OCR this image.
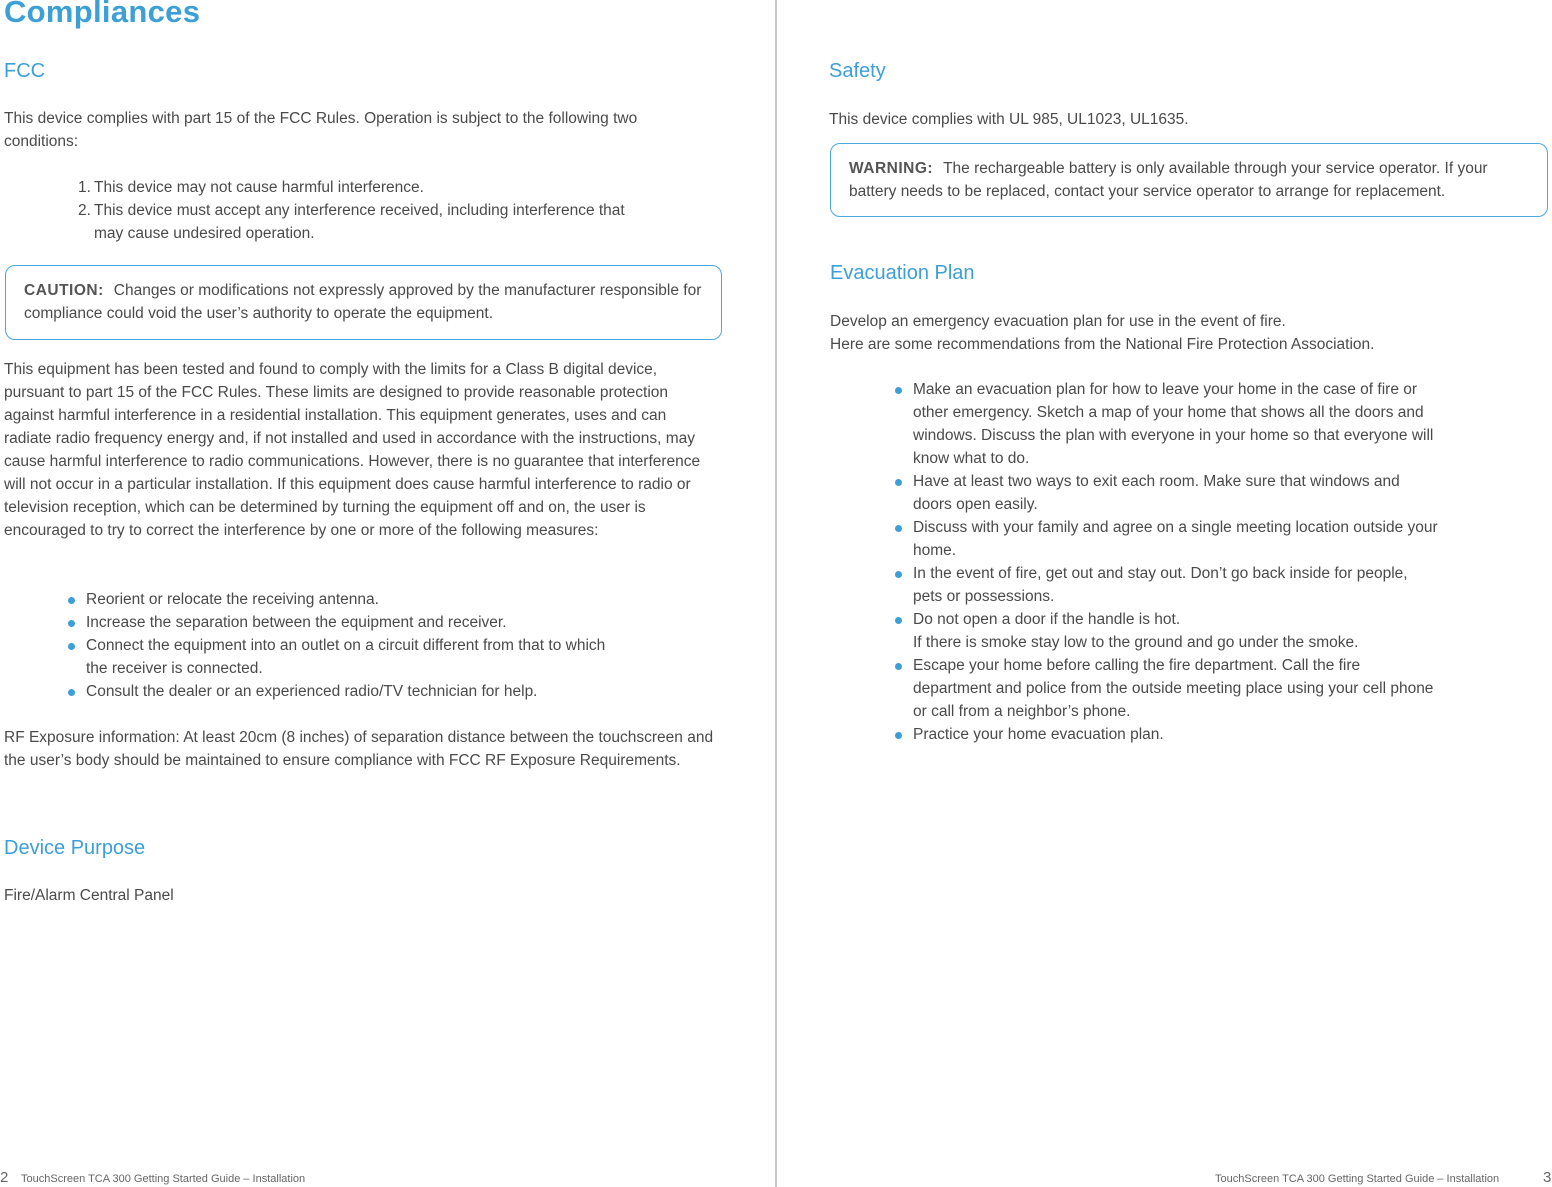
Compliances
FCC

This device complies with part 15 of the FCC Rules. Operation is subject to the following two conditions:

1. This device may not cause harmful interference.
2. This device must accept any interference received, including interference that may cause undesired operation.
CAUTION: Changes or modifications not expressly approved by the manufacturer responsible for compliance could void the user’s authority to operate the equipment.

This equipment has been tested and found to comply with the limits for a Class B digital device, pursuant to part 15 of the FCC Rules. These limits are designed to provide reasonable protection against harmful interference in a residential installation. This equipment generates, uses and can radiate radio frequency energy and, if not installed and used in accordance with the instructions, may cause harmful interference to radio communications. However, there is no guarantee that interference will not occur in a particular installation. If this equipment does cause harmful interference to radio or television reception, which can be determined by turning the equipment off and on, the user is encouraged to try to correct the interference by one or more of the following measures:

Reorient or relocate the receiving antenna.
Increase the separation between the equipment and receiver.
Connect the equipment into an outlet on a circuit different from that to which the receiver is connected.
Consult the dealer or an experienced radio/TV technician for help.

RF Exposure information: At least 20cm (8 inches) of separation distance between the touchscreen and the user’s body should be maintained to ensure compliance with FCC RF Exposure Requirements.

Device Purpose

Fire/Alarm Central Panel

2 TouchScreen TCA 300 Getting Started Guide – Installation
Safety

This device complies with UL 985, UL1023, UL1635.

WARNING: The rechargeable battery is only available through your service operator. If your battery needs to be replaced, contact your service operator to arrange for replacement.
Evacuation Plan

Develop an emergency evacuation plan for use in the event of fire.

Here are some recommendations from the National Fire Protection Association.

Make an evacuation plan for how to leave your home in the case of fire or other emergency. Sketch a map of your home that shows all the doors and windows. Discuss the plan with everyone in your home so that everyone will know what to do.
Have at least two ways to exit each room. Make sure that windows and doors open easily.
Discuss with your family and agree on a single meeting location outside your home.
In the event of fire, get out and stay out. Don’t go back inside for people, pets or possessions.
Do not open a door if the handle is hot.
If there is smoke stay low to the ground and go under the smoke.
Escape your home before calling the fire department. Call the fire department and police from the outside meeting place using your cell phone or call from a neighbor’s phone.
Practice your home evacuation plan.
TouchScreen TCA 300 Getting Started Guide – Installation	3
